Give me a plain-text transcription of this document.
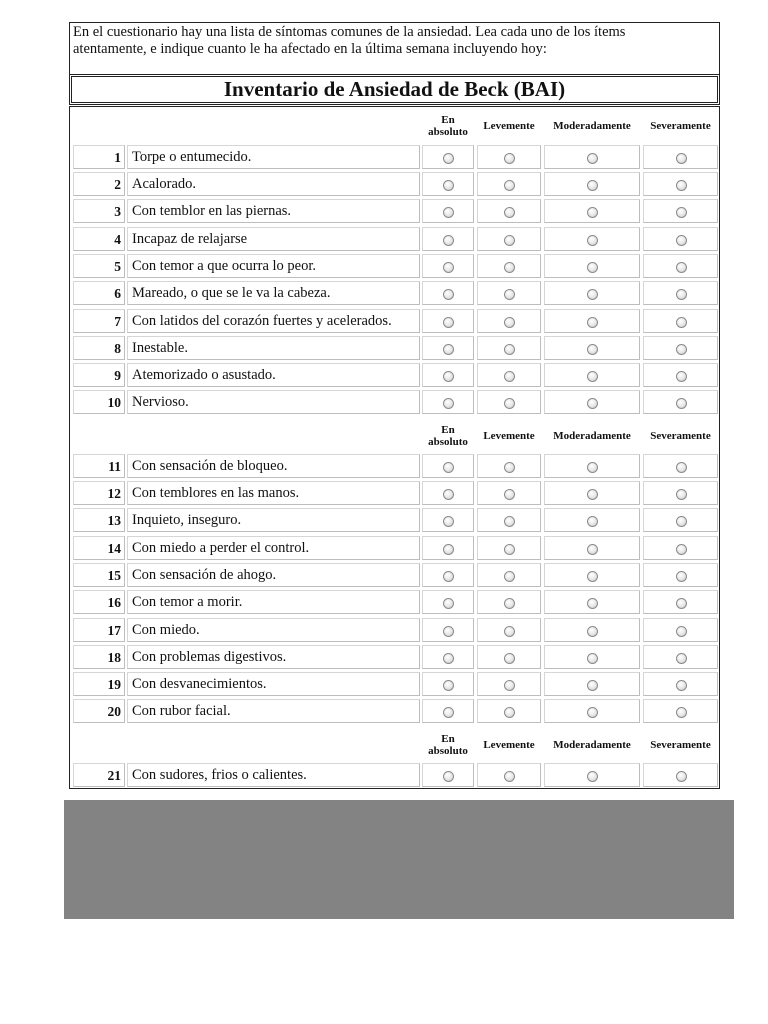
En el cuestionario hay una lista de síntomas comunes de la ansiedad. Lea cada uno de los ítems
atentamente, e indique cuanto le ha afectado en la última semana incluyendo hoy:
Inventario de Ansiedad de Beck (BAI)
En
absoluto
Levemente Moderadamente Severamente
En
absoluto
Levemente Moderadamente Severamente
En
absoluto
Levemente Moderadamente Severamente
1 Torpe o entumecido.
2 Acalorado.
3 Con temblor en las piernas.
4 Incapaz de relajarse
5 Con temor a que ocurra lo peor.
6 Mareado, o que se le va la cabeza.
7 Con latidos del corazón fuertes y acelerados.
8 Inestable.
9 Atemorizado o asustado.
10 Nervioso.
11 Con sensación de bloqueo.
12 Con temblores en las manos.
13 Inquieto, inseguro.
14 Con miedo a perder el control.
15 Con sensación de ahogo.
16 Con temor a morir.
17 Con miedo.
18 Con problemas digestivos.
19 Con desvanecimientos.
20 Con rubor facial.
21 Con sudores, frios o calientes.
